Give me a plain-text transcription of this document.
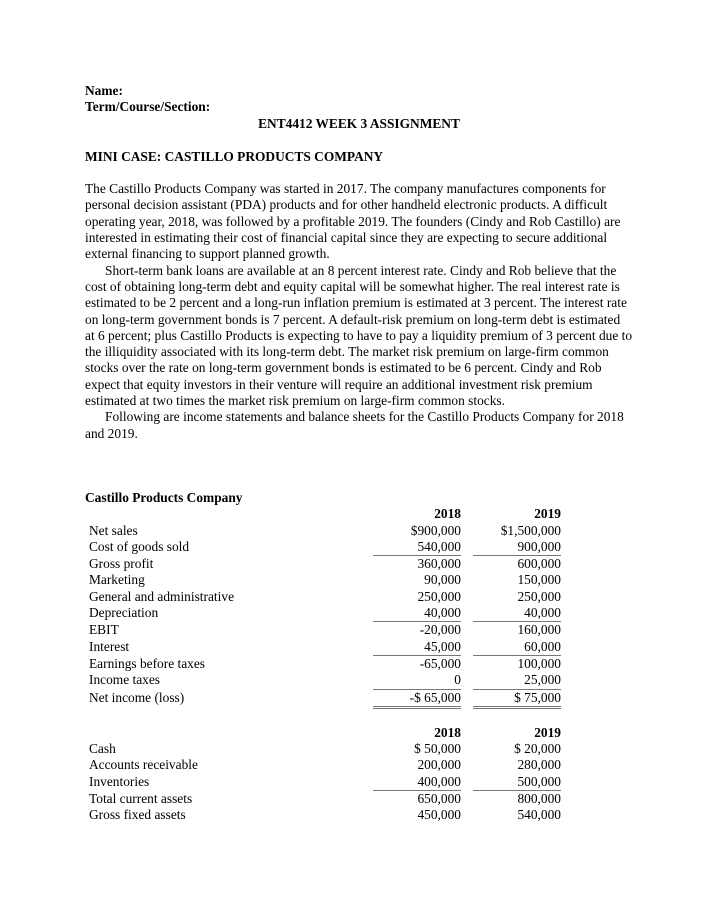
Name:

Term/Course/Section:

ENT4412 WEEK 3 ASSIGNMENT

MINI CASE: CASTILLO PRODUCTS COMPANY

The Castillo Products Company was started in 2017. The company manufactures components for personal decision assistant (PDA) products and for other handheld electronic products. A difficult operating year, 2018, was followed by a profitable 2019. The founders (Cindy and Rob Castillo) are interested in estimating their cost of financial capital since they are expecting to secure additional external financing to support planned growth.

Short-term bank loans are available at an 8 percent interest rate. Cindy and Rob believe that the cost of obtaining long-term debt and equity capital will be somewhat higher. The real interest rate is estimated to be 2 percent and a long-run inflation premium is estimated at 3 percent. The interest rate on long-term government bonds is 7 percent. A default-risk premium on long-term debt is estimated at 6 percent; plus Castillo Products is expecting to have to pay a liquidity premium of 3 percent due to the illiquidity associated with its long-term debt. The market risk premium on large-firm common stocks over the rate on long-term government bonds is estimated to be 6 percent. Cindy and Rob expect that equity investors in their venture will require an additional investment risk premium estimated at two times the market risk premium on large-firm common stocks.

Following are income statements and balance sheets for the Castillo Products Company for 2018 and 2019.

Castillo Products Company

	2018		2019
Net sales	$900,000		$1,500,000
Cost of goods sold	540,000		900,000
Gross profit	360,000		600,000
Marketing	90,000		150,000
General and administrative	250,000		250,000
Depreciation	40,000		40,000
EBIT	-20,000		160,000
Interest	45,000		60,000
Earnings before taxes	-65,000		100,000
Income taxes	0		25,000
Net income (loss)	-$ 65,000		$ 75,000
	2018		2019
Cash	$ 50,000		$ 20,000
Accounts receivable	200,000		280,000
Inventories	400,000		500,000
Total current assets	650,000		800,000
Gross fixed assets	450,000		540,000
